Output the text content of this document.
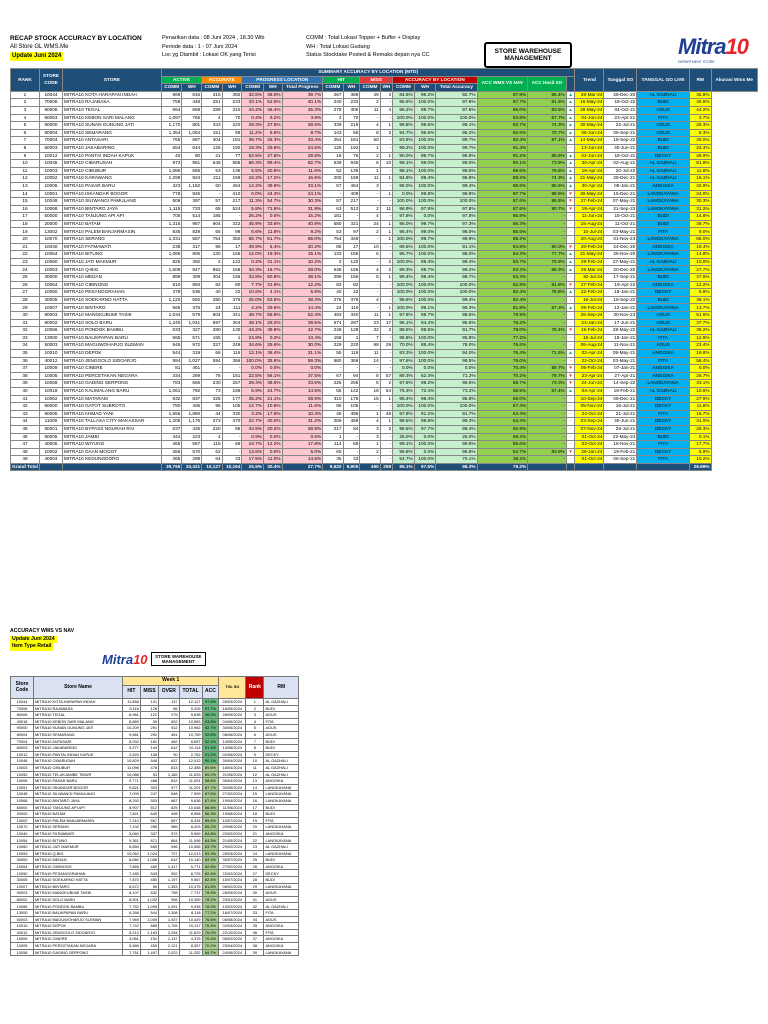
RECAP STOCK ACCURACY BY LOCATION
All Store GL WMS.Me
Update Juni 2024
Penarikan data : 08 Juni 2024 , 18.30 Wib
Periode data : 1 - 07 Juni 2024
Loc yg Diambil : Lokasi OK yang Terisi
COMM : Total Lokasi Topper + Buffer + Display
WH : Total Lokasi Gudang
Status Stocktake Posted & Remaks depan nya CC
STORE WAREHOUSE MANAGEMENT	Mitra10
DEPARTMENT STORE
RANK	STORE CODE	STORE	SUMMARY ACCURACY BY LOCATION (MTD)																	Trend	Tanggal SO	TANGGAL GO LIVE	RM	Akurasi Wms Me
			ACTIVE		ACCURATE		PROGRESS LOCATION			HIT		MISS		ACCURACY BY LOCATION			ACC WMS VS NAV	ACC Hasil SO						
			COMM	WH	COMM	WH	COMM	WH	Total Progress	COMM	WH	COMM	WH	COMM	WH	Total Accuracy								
1	10044	MITRA10 KOTA HARAPAN INDAH	969	816	316	392	32.6%	48.0%	39.7%	267	389	49	3	84.5%	99.2%	92.7%	97.8%	66.4%	▲	26-Mar-24	28-Dec-20	AL GAZHALI	36.8%	
2	70006	MITRA10 RAJABASA	758	448	251	233	33.1%	52.0%	40.1%	240	233	2	-	95.6%	100.0%	97.8%	97.7%	81.6%	▲	16-May-24	18-Oct-22	BUDI	40.5%	
3	80006	MITRA10 TEGAL	654	668	289	310	44.2%	46.4%	45.3%	278	306	11	4	96.2%	98.7%	97.5%	96.0%	83.5%	▲	28-May-24	04-Oct-21	AGUS	44.2%	
4	50053	MITRA10 KEBON SARI MALANG	1,097	765	4	70	0.4%	9.2%	3.9%	4	70	-	-	100.0%	100.0%	100.0%	93.8%	67.7%	▲	04-Jun-24	23-Apr-21	FITA	3.7%	
5	90000	MITRA10 SUNAN GUNUNG JATI	1,170	801	343	220	29.3%	27.5%	28.6%	339	219	4	1	98.8%	99.5%	99.1%	92.7%	74.3%	▲	30-May-24	22-Jul-21	AGUS	28.3%	
6	80004	MITRA10 SEMARANG	1,354	1,054	151	58	11.2%	5.5%	8.7%	143	56	8	2	94.7%	96.6%	95.2%	92.6%	70.7%	▲	06-Jun-24	06-Sep-21	AGUS	8.3%	
7	70004	MITRA10 ANTASARI	765	687	304	181	39.7%	26.3%	33.4%	254	181	50	-	83.6%	100.0%	89.7%	92.4%	87.1%	▲	14-May-24	18-Sep-22	BUDI	30.0%	
8	60003	MITRA10 JAKABARING	654	644	126	192	19.3%	29.8%	24.5%	125	192	1	-	99.2%	100.0%	99.7%	91.4%	-	-	13-Jun-24	30-Jun-21	BUDI	24.4%	
9	10012	MITRA10 PANTAI INDAH KAPUK	40	80	21	77	52.5%	27.5%	29.8%	18	76	2	1	90.0%	98.7%	96.9%	91.2%	88.6%	▲	02-Jun-24	18-Oct-21	DECKY	28.9%	
10	10046	MITRA10 CIBARUSAH	973	961	645	955	66.3%	99.4%	82.7%	639	945	6	10	99.1%	99.0%	99.0%	90.1%	73.9%	▲	30-Apr-24	02-Aug-21	AL GAZHALI	81.9%	
11	10003	MITRA10 CIBUBUR	1,086	655	53	136	5.5%	20.8%	11.6%	52	136	1	-	98.1%	100.0%	99.5%	89.6%	79.6%	▲	18-Apr-24	20-Jul-22	AL GAZHALI	11.6%	
12	10052	MITRA10 KARAWANG	1,299	924	211	159	16.2%	17.2%	16.6%	200	158	11	1	94.8%	99.4%	96.8%	89.2%	74.3%	▲	21-May-24	29-Dec-21	AL GAZHALI	16.1%	
13	10006	MITRA10 PASAR BARU	423	1,162	60	464	14.2%	39.9%	33.1%	57	464	3	-	95.0%	100.0%	99.4%	88.6%	85.6%	▲	30-Apr-24	09-Jan-21	ANGGIKA	32.9%	
14	10051	MITRA10 ISKANDAR BOGOR	778	926	-	410	0.0%	44.3%	24.1%	-	409	-	1	0.0%	99.8%	99.8%	87.7%	88.5%	▼	30-May-24	15-Dec-21	LANGKAYANA	24.0%	
15	10048	MITRA10 SILIWANGI PAMULANG	506	397	57	217	11.3%	54.7%	30.3%	57	217	-	-	100.0%	100.0%	100.0%	87.6%	88.5%	▼	27-Feb-24	07-May-21	LANGKAYANA	30.3%	
16	10068	MITRA10 BINTARO JAYA	1,115	733	65	524	5.8%	71.5%	31.9%	63	513	2	11	96.9%	97.9%	97.8%	87.6%	90.7%	▼	19-Apr-24	21-Sep-23	LANGKAYANA	31.2%	
17	60000	MITRA10 TANJUNG API API	705	514	185	-	26.2%	0.0%	15.2%	181	-	4	-	97.8%	0.0%	97.8%	86.8%	-	-	11-Jun-24	15-Oct-21	BUDI	14.8%	
18	20000	MITRA10 BATAM	1,315	957	604	322	45.9%	33.6%	40.8%	580	321	24	1	96.0%	99.7%	97.3%	86.3%	-	-	15-Aug-24	11-Oct-21	BUDI	39.7%	
19	13002	MITRA10 PALEM BANJARMASIN	835	829	55	98	6.6%	11.8%	9.2%	53	97	2	1	96.4%	99.0%	98.0%	85.5%	-	-	10-Jul-24	03-May-21	FITA	9.0%	
20	10070	MITRA10 SERANG	1,331	567	754	350	56.7%	61.7%	65.0%	754	349	-	1	100.0%	99.7%	99.9%	85.2%	-	-	20-Aug-24	01-Nov-23	LANGKAYANA	65.0%	
21	10040	MITRA10 FATMAWATI	238	317	95	17	39.9%	5.4%	20.2%	85	17	10	-	89.5%	100.0%	91.1%	84.8%	90.0%	▼	20-Feb-24	24-Dec-20	ANGGIKA	18.4%	
22	10054	MITRA10 BITUNG	1,086	805	130	155	12.0%	19.3%	15.1%	133	155	6	-	95.7%	100.0%	98.0%	84.3%	77.7%	▲	21-May-24	25-Nov-20	LANGKAYANA	14.8%	
23	10060	MITRA10 JATI MAKMUR	825	392	2	122	0.2%	31.1%	10.2%	2	120	-	2	100.0%	98.4%	98.4%	83.7%	78.9%	▲	29-Feb-24	27-May-21	AL GAZHALI	10.0%	
24	10053	MITRA10 Q-BIG	1,609	947	552	158	34.3%	16.7%	28.0%	548	156	4	2	99.3%	98.7%	99.2%	83.3%	66.3%	▲	25-Mar-24	20-Dec-20	LANGKAYANA	27.7%	
25	30000	MITRA10 MEDAN	899	309	304	156	33.8%	50.5%	38.1%	299	155	5	1	98.4%	99.4%	98.7%	83.3%	-	-	30-Jul-24	17-Sep-21	BUDI	37.6%	
26	10064	MITRA10 CIBINONG	810	894	82	80	7.7%	31.9%	12.2%	82	82	-	-	100.0%	100.0%	100.0%	82.8%	81.8%	▼	27-Feb-24	19-Apr-22	ANGGIKA	12.2%	
27	10050	MITRA10 PESANGGRAHAN	378	535	40	22	10.6%	4.1%	6.8%	40	22	-	-	100.0%	100.0%	100.0%	82.4%	78.8%	▲	22-Feb-24	18-Jan-21	DECKY	6.8%	
28	30005	MITRA10 SOEKARNO HATTA	1,120	592	280	376	25.0%	63.5%	38.3%	276	376	4	-	98.6%	100.0%	99.4%	82.4%	-	-	15-Jul-24	19-Sep-22	BUDI	38.1%	
29	10007	MITRA10 BINTARO	565	375	24	111	4.2%	29.6%	14.4%	24	110	-	1	100.0%	99.1%	99.3%	81.8%	67.3%	▲	06-Feb-24	12-Jan-21	LANGKAYANA	13.7%	
30	90003	MITRA10 MANGKUBUMI TASIK	1,034	579	504	341	48.7%	58.9%	52.4%	493	340	11	1	97.8%	99.7%	98.6%	78.9%	-	-	26-Sep-24	30-Nov-23	AGUS	51.6%	
31	80002	MITRA10 SOLO BARU	1,240	1,041	597	304	48.1%	29.2%	39.5%	574	287	23	17	96.1%	94.4%	95.6%	78.2%	-	-	23-Jan-24	17-Jun-21	AGUS	37.7%	
32	10066	MITRA10 PONDOK BAMBU	633	327	280	130	44.2%	39.8%	42.7%	248	128	32	2	88.6%	98.5%	91.7%	78.0%	78.4%	▼	15-Feb-24	28-May-22	AL GAZHALI	39.2%	
33	13000	MITRA10 BALIKPAPAN BARU	665	571	165	1	24.8%	0.2%	13.4%	158	1	7	-	95.8%	100.0%	95.8%	77.2%	-	-	16-Jul-24	15-Jan-21	FITA	12.9%	
34	50003	MITRA10 MAGUWOHARJO SLEMAN	945	972	327	249	34.6%	25.6%	30.0%	229	220	98	29	70.0%	88.4%	78.0%	76.6%	-	-	06-Aug-24	11-Nov-21	AGUS	23.4%	
35	10010	MITRA10 DEPOK	544	319	66	116	12.1%	36.4%	21.1%	55	116	11	-	83.3%	100.0%	94.0%	76.4%	71.5%	▲	02-Apr-24	05-May-21	ANGGIKA	19.8%	
36	40012	MITRA10 JENGGOLO SIDOARJO	594	1,027	594	366	100.0%	35.6%	59.3%	580	366	14	-	97.6%	100.0%	98.5%	76.0%	-	-	22-Oct-24	03-May-21	FITA	58.4%	
37	10009	MITRA10 CINERE	81	461	-	-	0.0%	0.0%	0.0%	-	-	-	-	0.0%	0.0%	0.0%	70.4%	89.7%	▼	06-Feb-24	07-Jan-21	ANGGIKA	0.0%	
38	10005	MITRA10 PERCETAKAN NEGARA	334	269	75	151	22.5%	56.1%	37.5%	67	94	8	57	89.3%	62.3%	71.2%	70.2%	78.7%	▼	23-Apr-24	27-Apr-21	ANGGIKA	26.7%	
39	10058	MITRA10 GADING SERPONG	783	665	230	257	29.4%	38.6%	33.6%	225	255	5	2	97.8%	99.2%	98.6%	68.7%	73.3%	▼	24-Jun-24	14-Sep-22	LANGKAYANA	33.1%	
40	10018	MITRA10 KALIMALANG BARU	1,061	792	73	196	6.9%	24.7%	14.5%	55	142	18	54	75.3%	72.4%	73.2%	68.5%	67.4%	▲	04-Apr-24	18-Feb-21	AL GAZHALI	10.6%	
41	10062	MITRA10 MATARAM	932	837	325	177	35.2%	21.1%	28.9%	310	176	15	1	95.4%	99.4%	96.8%	68.0%	-	-	10-Sep-24	08-Dec-21	DECKY	27.9%	
42	50000	MITRA10 GATOT SUBROTO	750	405	95	105	12.7%	10.8%	11.6%	95	105	-	-	100.0%	100.0%	100.0%	67.4%	-	-	05-Nov-24	16-Jul-21	DECKY	11.6%	
43	80005	MITRA10 AHMAD YANI	1,556	1,880	44	330	3.2%	17.6%	10.3%	45	496	1	48	97.8%	91.2%	91.7%	64.4%	-	-	24-Oct-24	21-Jul-21	FITA	16.7%	
44	11000	MITRA10 TALLASA CITY MAKASSAR	1,205	1,176	273	470	22.7%	40.0%	31.2%	269	469	4	1	98.5%	99.8%	99.3%	64.3%	-	-	03-Sep-24	30-Jun-21	DECKY	31.0%	
45	50001	MITRA10 BYPASS NGURAH RAI	637	425	220	86	34.5%	20.2%	28.8%	217	84	3	2	98.6%	97.7%	98.4%	60.9%	-	-	07-Nov-24	29-Jul-21	DECKY	28.3%	
46	60005	MITRA10 JAMBI	444	223	4	-	0.9%	0.0%	0.6%	1	-	3	-	25.0%	0.0%	25.0%	59.2%	-	-	01-Oct-24	22-May-24	BUDI	0.1%	
47	40006	MITRA10 WIYUNG	465	567	115	69	24.7%	12.2%	17.8%	114	69	1	-	99.1%	100.0%	99.5%	55.6%	-	-	03-Oct-24	16-Nov-21	FITA	17.7%	
48	10002	MITRA10 DAAN MOGOT	456	570	62	-	13.6%	0.0%	6.0%	60	-	2	-	96.8%	0.0%	96.8%	54.7%	83.8%	▼	29-Jan-24	19-Feb-21	DECKY	5.8%	
49	40004	MITRA10 KEDUNGDORO	365	299	64	33	17.5%	11.0%	14.6%	35	33	-	-	54.7%	100.0%	70.1%	38.2%	-	-	01-Oct-24	06-Sep-21	FITA	10.2%	
Grand Total			39,765	33,421	10,127	10,164	25.5%	30.4%	27.7%	9,620	9,905	490	259	95.1%	97.5%	96.3%	79.2%						26.69%	
ACCURACY WMS VS NAV
Update Juni 2024
Item Type Retail
Mitra10	STORE WAREHOUSE MANAGEMENT
Store Code	Store Name	Week 1					TGL SO	Rank	RM
		HIT	MISS	OVER	TOTAL	ACC			
10044	MITRA10 KOTA HARAPAN INDAH	11,858	131	137	12,127	97.8%	26/03/2024	1	AL GAZHALI
70006	MITRA10 RAJABASA	9,116	126	85	9,326	97.7%	16/05/2024	2	BUDI
80006	MITRA10 TEGAL	8,981	122	275	9,838	96.0%	28/05/2024	3	AGUS
40018	MITRA10 KEBON SARI MALANG	8,869	39	602	10,583	93.8%	04/06/2024	4	FITA
90000	MITRA10 SUNAN GUNUNG JATI	10,209	291	512	10,982	92.7%	30/05/2024	5	AGUS
80004	MITRA10 SEMARANG	9,581	292	461	10,769	92.6%	06/06/2024	6	AGUS
70004	MITRA10 ANTASARI	8,032	181	482	8,697	92.4%	14/05/2024	7	BUDI
60003	MITRA10 JAKABARING	9,277	144	612	10,114	91.4%	13/06/2024	8	BUDI
10012	MITRA10 PANTAI INDAH KAPUK	2,520	138	90	2,762	91.2%	02/06/2024	9	DECKY
10046	MITRA10 CIBARUSAH	10,829	546	637	12,012	90.1%	30/04/2024	10	AL GAZHALI
10003	MITRA10 CIBUBUR	11,096	478	813	12,385	89.6%	18/04/2024	11	AL GAZHALI
10052	MITRA10 TELUKJAMBE TIMUR	10,088	53	1,182	11,633	89.2%	21/05/2024	12	AL GAZHALI
10006	MITRA10 PASAR BARU	9,771	488	812	11,001	88.6%	30/04/2024	13	ANGGIKA
10051	MITRA10 ISKANDAR BOGOR	9,821	303	977	11,201	87.7%	30/05/2024	14	LANGKAYANA
10048	MITRA10 SILIWANGI PAMULANG	7,009	247	648	7,999	87.6%	27/02/2024	15	LANGKAYANA
10068	MITRA10 BINTARO JAYA	8,293	503	667	9,636	87.6%	19/04/2024	16	LANGKAYANA
60000	MITRA10 TANJUNG API API	8,907	512	829	10,548	86.8%	11/06/2024	17	BUDI
20000	MITRA10 BATAM	7,821	649	498	8,968	86.3%	15/08/2024	18	BUDI
13002	MITRA10 PALEM BANJARMASIN	7,210	567	657	8,434	85.5%	10/07/2024	19	FITA
10070	MITRA10 SERANG	7,132	285	986	8,403	85.2%	20/08/2024	20	LANGKAYANA
10040	MITRA10 FATMAWATI	5,060	337	572	5,969	84.8%	20/02/2024	21	ANGGIKA
10054	MITRA10 BITUNG	9,361	871	864	11,096	84.3%	21/05/2024	22	LANGKAYANA
10060	MITRA10 JATI MAKMUR	8,850	669	946	10,565	83.7%	29/02/2024	23	AL GAZHALI
10053	MITRA10 Q-BIG	10,062	1,024	727	12,013	83.3%	25/03/2024	24	LANGKAYANA
30000	MITRA10 MEDAN	8,080	1,088	612	10,140	83.3%	30/07/2024	25	BUDI
10064	MITRA10 CIBINONG	7,865	480	1,317	9,771	82.8%	27/02/2024	26	ANGGIKA
10050	MITRA10 PESANGGRAHAN	7,180	543	902	8,725	82.4%	22/02/2024	27	DECKY
30005	MITRA10 SOEKARNO HATTA	7,870	480	1,197	9,567	82.4%	15/07/2024	28	BUDI
10007	MITRA10 BINTARO	8,572	50	1,353	10,475	81.8%	06/02/2024	29	LANGKAYANA
90003	MITRA10 MANGKUBUMI TASIK	6,107	832	798	7,737	78.9%	26/09/2024	30	AGUS
80002	MITRA10 SOLO BARU	8,501	1,032	906	10,359	78.2%	23/01/2024	31	AGUS
10066	MITRA10 PONDOK BAMBU	7,752	1,095	1,091	9,938	78.0%	15/02/2024	32	AL GAZHALI
13000	MITRA10 BALIKPAPAN BARU	6,268	544	1,308	8,118	77.2%	16/07/2024	33	FITA
50003	MITRA10 MAGUWOHARJO SLEMAN	7,969	1,009	1,437	10,429	76.6%	06/08/2024	34	AGUS
10010	MITRA10 DEPOK	7,742	685	1,705	10,117	76.4%	02/04/2024	35	ANGGIKA
40012	MITRA10 JENGGOLO SIDOARJO	8,212	1,163	2,254	11,629	76.0%	22/10/2024	36	FITA
10009	MITRA10 CINERE	3,081	151	1,137	4,375	70.4%	06/02/2024	37	ANGGIKA
10005	MITRA10 PERCETAKAN NEGARA	5,866	450	2,121	8,357	70.2%	23/04/2024	38	ANGGIKA
10058	MITRA10 GADING SERPONG	7,751	1,497	2,022	11,252	68.7%	24/06/2024	39	LANGKAYANA
